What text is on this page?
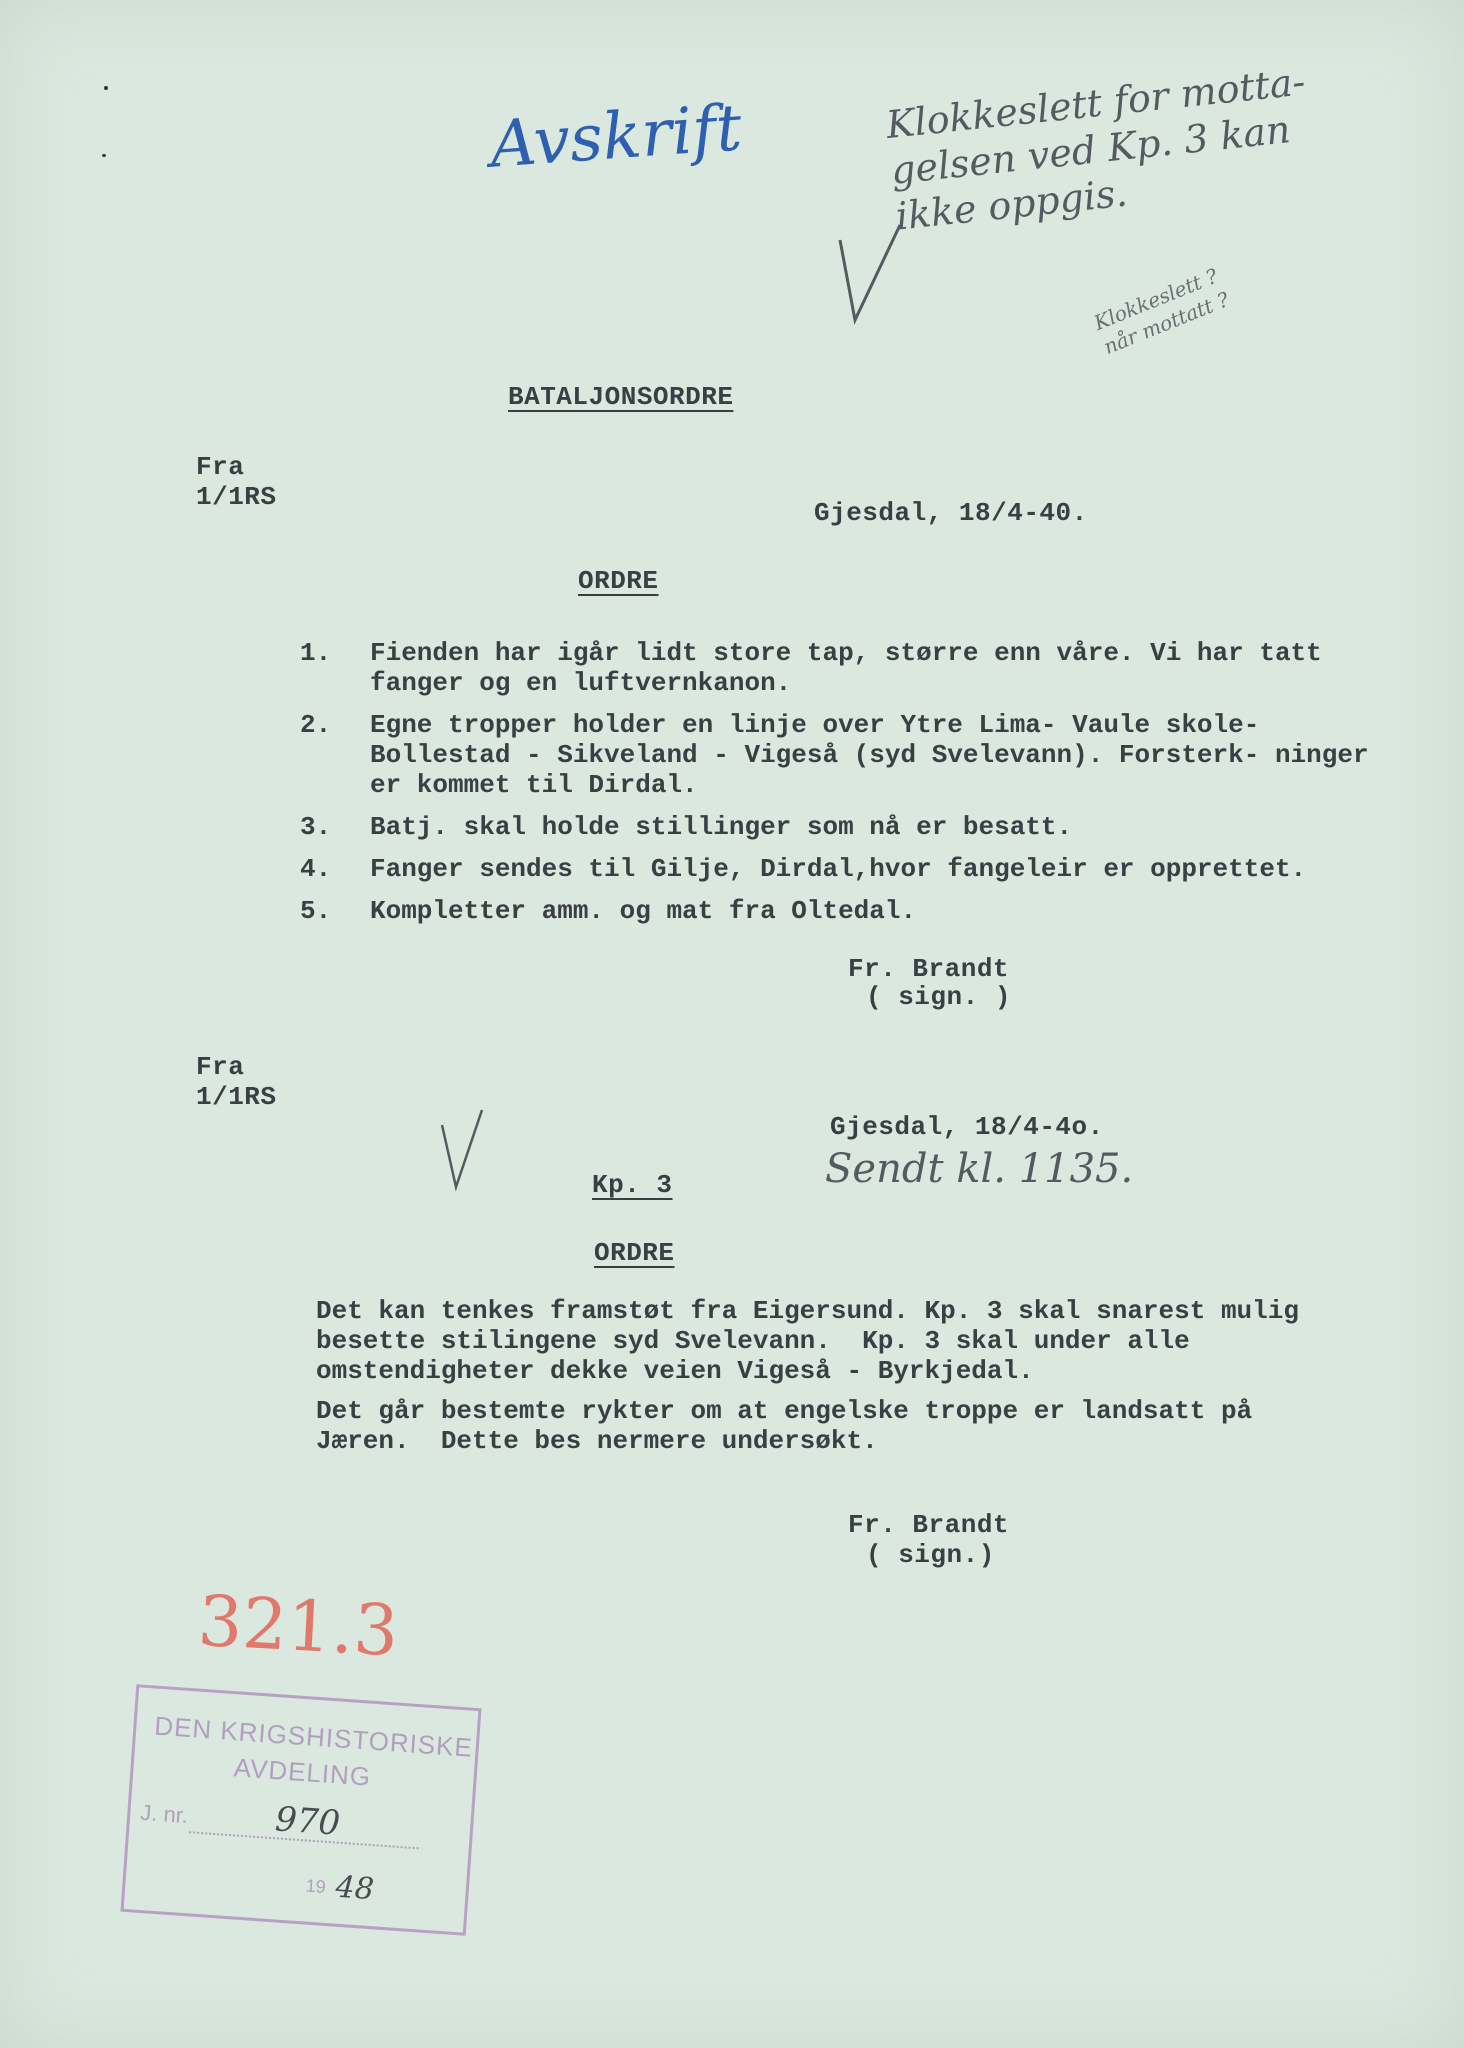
Avskrift	Klokkeslett for motta-
gelsen ved Kp. 3 kan
ikke oppgis.
Klokkeslett ?
når mottatt ?
BATALJONSORDRE
Fra
1/1RS
Gjesdal, 18/4-40.
ORDRE
1. Fienden har igår lidt store tap, større enn våre. Vi har tatt fanger og en luftvernkanon.
2. Egne tropper holder en linje over Ytre Lima- Vaule skole- Bollestad - Sikveland - Vigeså (syd Svelevann). Forsterk- ninger er kommet til Dirdal.
3. Batj. skal holde stillinger som nå er besatt.
4. Fanger sendes til Gilje, Dirdal,hvor fangeleir er opprettet.
5. Kompletter amm. og mat fra Oltedal.
Fr. Brandt
( sign. )
Fra
1/1RS
Gjesdal, 18/4-4o.
Sendt kl. 1135.
Kp. 3
ORDRE
Det kan tenkes framstøt fra Eigersund. Kp. 3 skal snarest mulig besette stilingene syd Svelevann.  Kp. 3 skal under alle omstendigheter dekke veien Vigeså - Byrkjedal.
Det går bestemte rykter om at engelske troppe er landsatt på Jæren.  Dette bes nermere undersøkt.
Fr. Brandt
( sign.)
321.3
DEN KRIGSHISTORISKE
AVDELING
J. nr.	970
19 48
